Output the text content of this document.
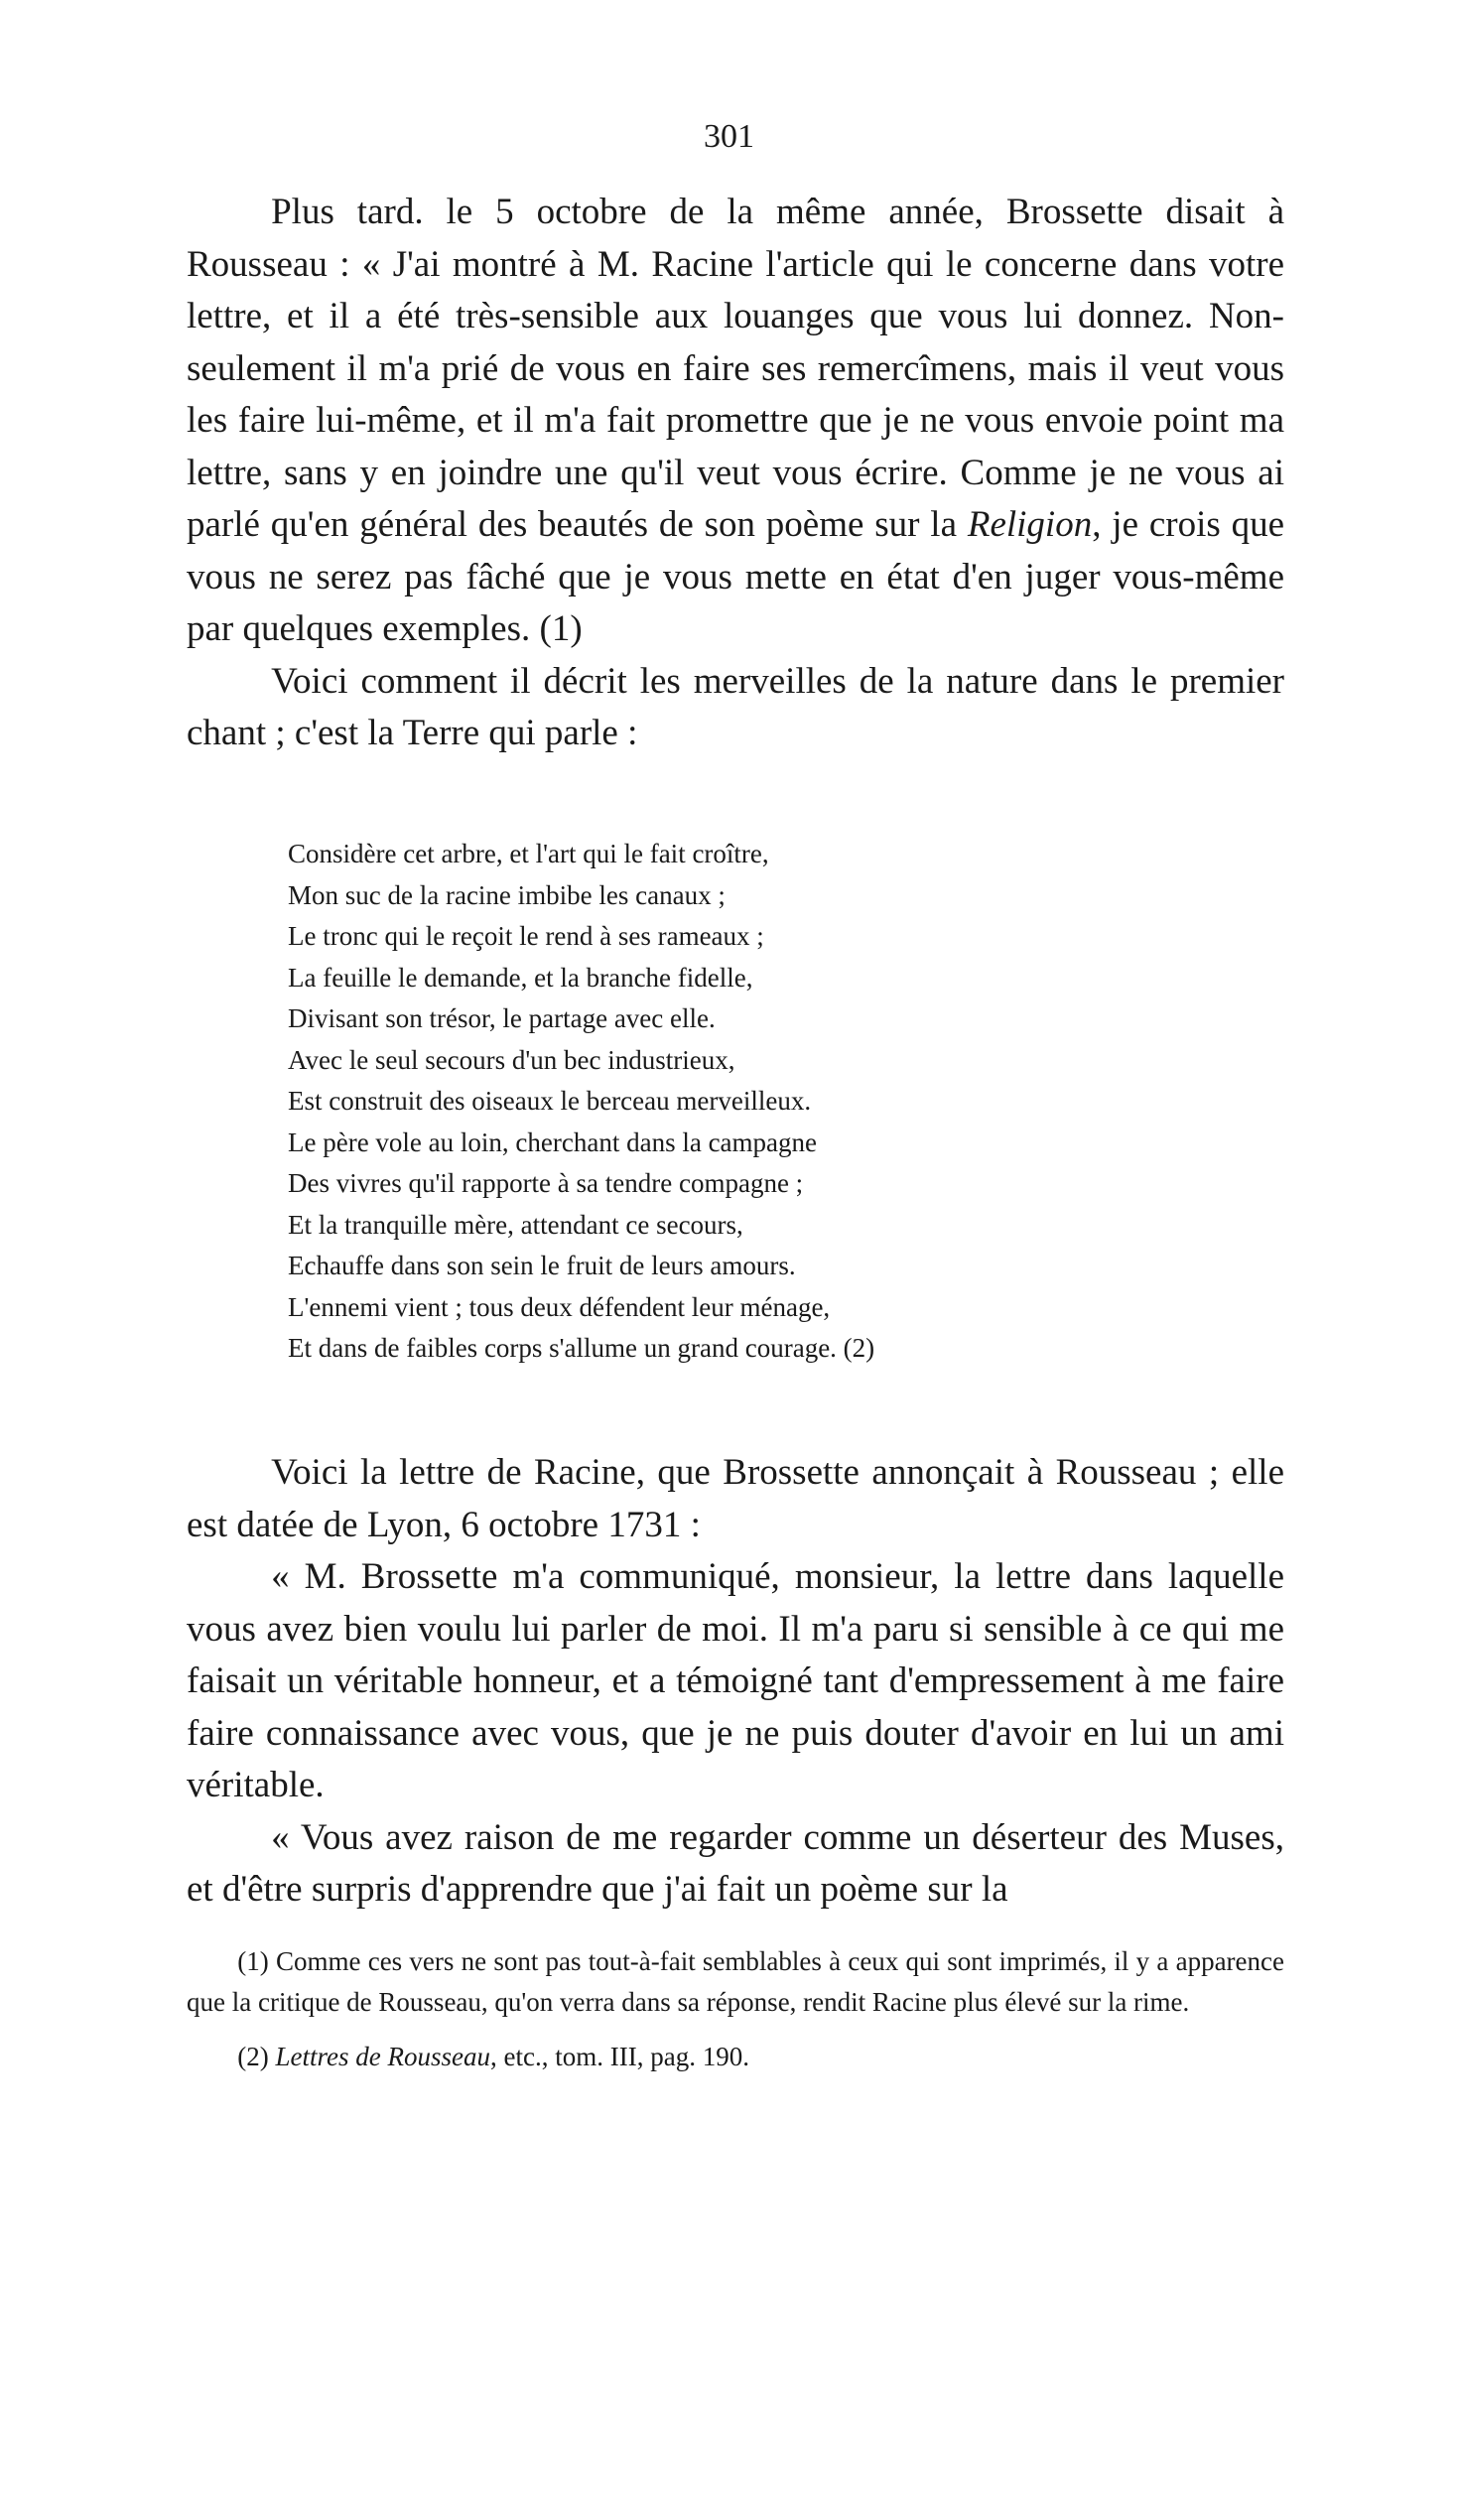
301

Plus tard. le 5 octobre de la même année, Brossette disait à Rousseau : « J'ai montré à M. Racine l'article qui le concerne dans votre lettre, et il a été très-sensible aux louanges que vous lui donnez. Non-seulement il m'a prié de vous en faire ses remercîmens, mais il veut vous les faire lui-même, et il m'a fait promettre que je ne vous envoie point ma lettre, sans y en joindre une qu'il veut vous écrire. Comme je ne vous ai parlé qu'en général des beautés de son poème sur la Religion, je crois que vous ne serez pas fâché que je vous mette en état d'en juger vous-même par quelques exemples. (1)

Voici comment il décrit les merveilles de la nature dans le premier chant ; c'est la Terre qui parle :

Considère cet arbre, et l'art qui le fait croître,
Mon suc de la racine imbibe les canaux ;
Le tronc qui le reçoit le rend à ses rameaux ;
La feuille le demande, et la branche fidelle,
Divisant son trésor, le partage avec elle.
Avec le seul secours d'un bec industrieux,
Est construit des oiseaux le berceau merveilleux.
Le père vole au loin, cherchant dans la campagne
Des vivres qu'il rapporte à sa tendre compagne ;
Et la tranquille mère, attendant ce secours,
Echauffe dans son sein le fruit de leurs amours.
L'ennemi vient ; tous deux défendent leur ménage,
Et dans de faibles corps s'allume un grand courage. (2)

Voici la lettre de Racine, que Brossette annonçait à Rousseau ; elle est datée de Lyon, 6 octobre 1731 :

« M. Brossette m'a communiqué, monsieur, la lettre dans laquelle vous avez bien voulu lui parler de moi. Il m'a paru si sensible à ce qui me faisait un véritable honneur, et a témoigné tant d'empressement à me faire faire connaissance avec vous, que je ne puis douter d'avoir en lui un ami véritable.

« Vous avez raison de me regarder comme un déserteur des Muses, et d'être surpris d'apprendre que j'ai fait un poème sur la

(1) Comme ces vers ne sont pas tout-à-fait semblables à ceux qui sont imprimés, il y a apparence que la critique de Rousseau, qu'on verra dans sa réponse, rendit Racine plus élevé sur la rime.

(2) Lettres de Rousseau, etc., tom. III, pag. 190.
